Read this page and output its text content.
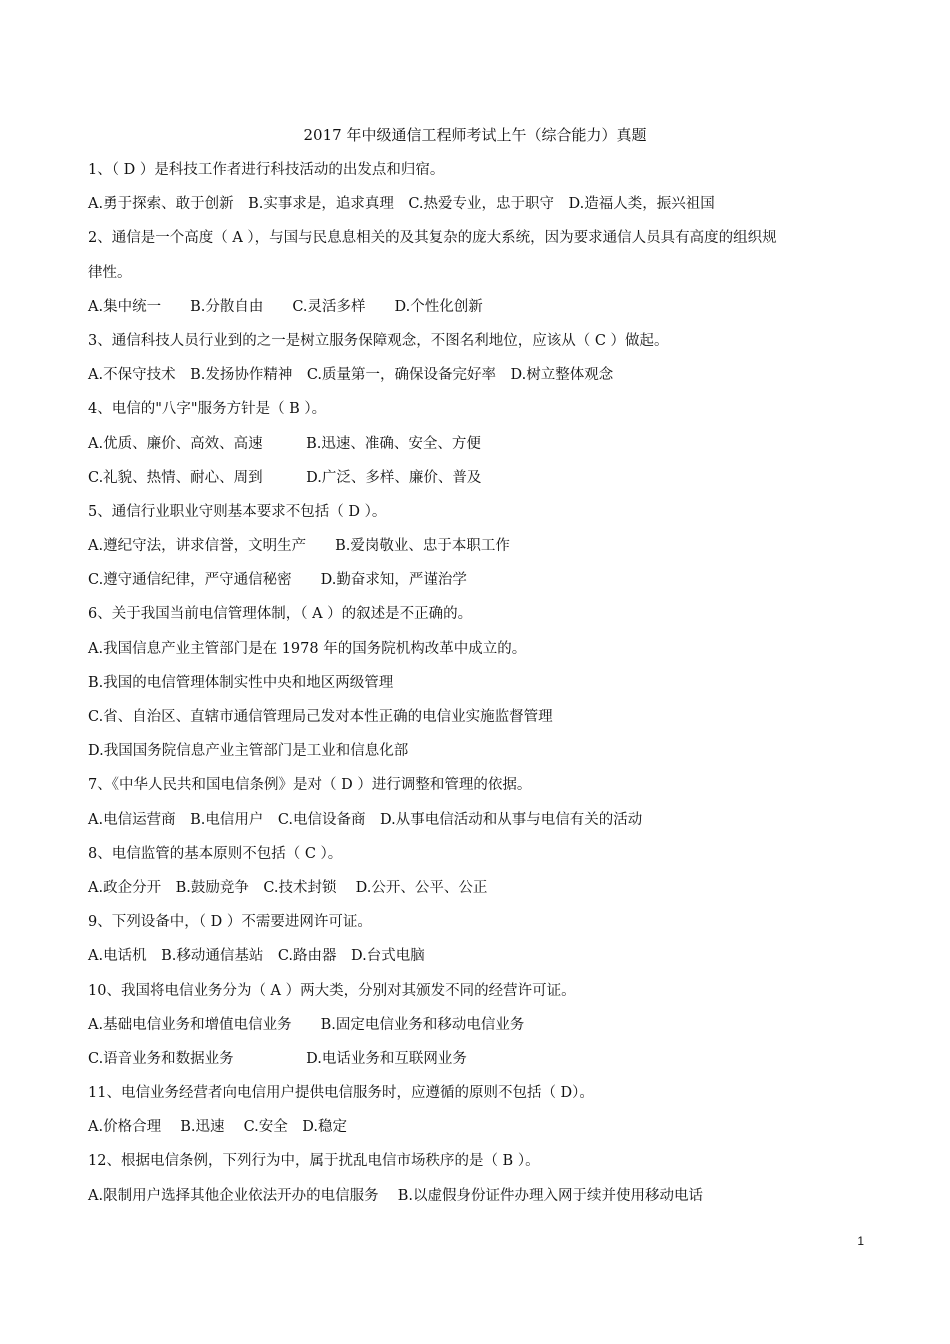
2017 年中级通信工程师考试上午（综合能力）真题
1、（ D ）是科技工作者进行科技活动的出发点和归宿。
A.勇于探索、敢于创新　B.实事求是，追求真理　C.热爱专业，忠于职守　D.造福人类，振兴祖国
2、通信是一个高度（ A ），与国与民息息相关的及其复杂的庞大系统，因为要求通信人员具有高度的组织规
律性。
A.集中统一　　B.分散自由　　C.灵活多样　　D.个性化创新
3、通信科技人员行业到的之一是树立服务保障观念，不图名利地位，应该从（ C ）做起。
A.不保守技术　B.发扬协作精神　C.质量第一，确保设备完好率　D.树立整体观念
4、电信的"八字"服务方针是（ B ）。
A.优质、廉价、高效、高速　　　B.迅速、准确、安全、方便
C.礼貌、热情、耐心、周到　　　D.广泛、多样、廉价、普及
5、通信行业职业守则基本要求不包括（ D ）。
A.遵纪守法，讲求信誉，文明生产　　B.爱岗敬业、忠于本职工作
C.遵守通信纪律，严守通信秘密　　D.勤奋求知，严谨治学
6、关于我国当前电信管理体制，（ A ）的叙述是不正确的。
A.我国信息产业主管部门是在 1978 年的国务院机构改革中成立的。
B.我国的电信管理体制实性中央和地区两级管理
C.省、自治区、直辖市通信管理局己发对本性正确的电信业实施监督管理
D.我国国务院信息产业主管部门是工业和信息化部
7、《中华人民共和国电信条例》是对（ D ）进行调整和管理的依据。
A.电信运营商　B.电信用户　C.电信设备商　D.从事电信活动和从事与电信有关的活动
8、电信监管的基本原则不包括（ C ）。
A.政企分开　B.鼓励竞争　C.技术封锁　 D.公开、公平、公正
9、下列设备中，（ D ）不需要进网许可证。
A.电话机　B.移动通信基站　C.路由器　D.台式电脑
10、我国将电信业务分为（ A ）两大类，分别对其颁发不同的经营许可证。
A.基础电信业务和增值电信业务　　B.固定电信业务和移动电信业务
C.语音业务和数据业务　　　　　D.电话业务和互联网业务
11、电信业务经营者向电信用户提供电信服务时，应遵循的原则不包括（ D）。
A.价格合理　 B.迅速　 C.安全　D.稳定
12、根据电信条例，下列行为中，属于扰乱电信市场秩序的是（ B ）。
A.限制用户选择其他企业依法开办的电信服务　 B.以虚假身份证件办理入网于续并使用移动电话
1
